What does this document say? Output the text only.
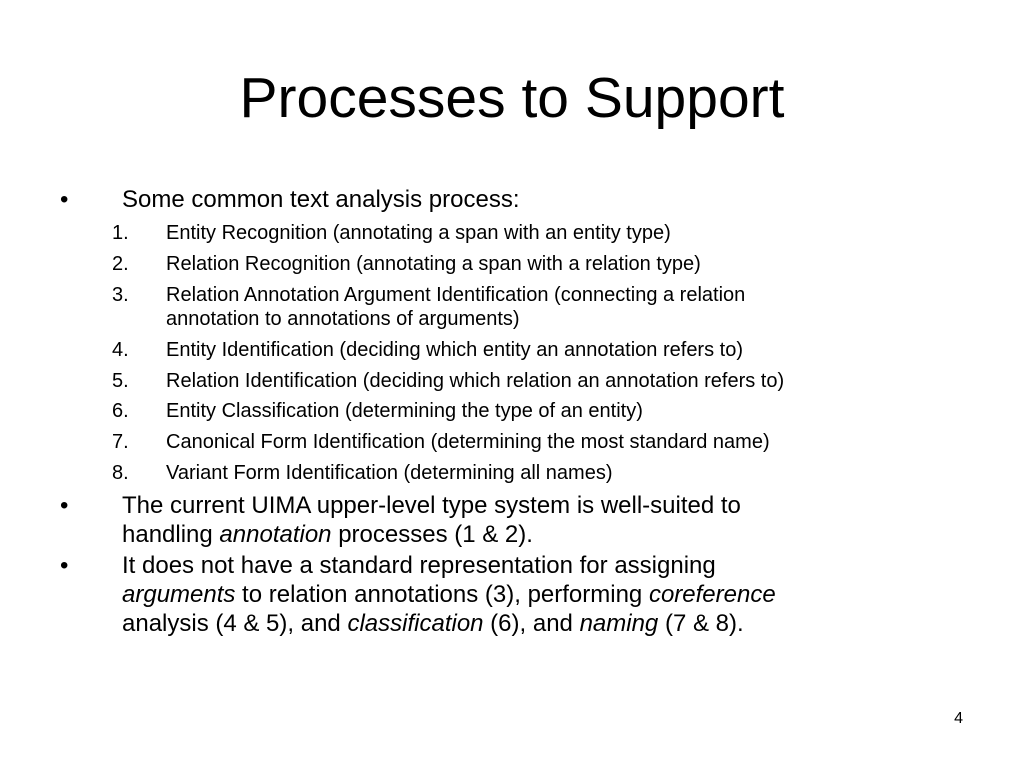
Processes to Support
• Some common text analysis process:
1. Entity Recognition (annotating a span with an entity type)
2. Relation Recognition (annotating a span with a relation type)
3. Relation Annotation Argument Identification (connecting a relation
annotation to annotations of arguments)
4. Entity Identification (deciding which entity an annotation refers to)
5. Relation Identification (deciding which relation an annotation refers to)
6. Entity Classification (determining the type of an entity)
7. Canonical Form Identification (determining the most standard name)
8. Variant Form Identification (determining all names)
• The current UIMA upper-level type system is well-suited to
handling annotation processes (1 & 2).
• It does not have a standard representation for assigning
arguments to relation annotations (3), performing coreference
analysis (4 & 5), and classification (6), and naming (7 & 8).
4
